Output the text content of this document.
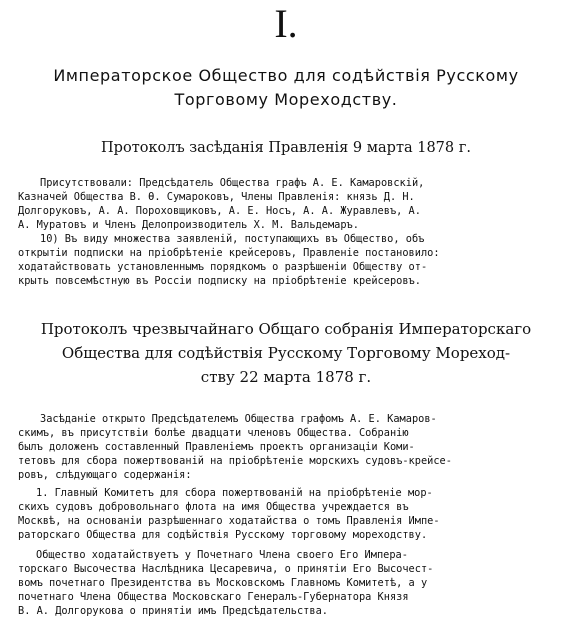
I.
Императорское Общество для содѣйствія Русскому Торговому Мореходству.
Протоколъ засѣданія Правленія 9 марта 1878 г.
Присутствовали: Предсѣдатель Общества графъ А. Е. Камаровскій,
Казначей Общества В. Ѳ. Сумароковъ, Члены Правленія: князь Д. Н.
Долгоруковъ, А. А. Пороховщиковъ, А. Е. Носъ, А. А. Журавлевъ, А.
А. Муратовъ и Членъ Делопроизводитель Х. М. Вальдемаръ.
10) Въ виду множества заявленій, поступающихъ въ Общество, объ
открытіи подписки на пріобрѣтеніе крейсеровъ, Правленіе постановило:
ходатайствовать установленнымъ порядкомъ о разрѣшеніи Обществу от-
крыть повсемѣстную въ Россіи подписку на пріобрѣтеніе крейсеровъ.
Протоколъ чрезвычайнаго Общаго собранія Императорскаго
Общества для содѣйствія Русскому Торговому Мореход-
ству 22 марта 1878 г.
Засѣданіе открыто Предсѣдателемъ Общества графомъ А. Е. Камаров-
скимъ, въ присутствіи болѣе двадцати членовъ Общества. Собранію
былъ доложенъ составленный Правленіемъ проектъ организаціи Коми-
тетовъ для сбора пожертвованій на пріобрѣтеніе морскихъ судовъ-крейсе-
ровъ, слѣдующаго содержанія:
1. Главный Комитетъ для сбора пожертвованій на пріобрѣтеніе мор-
скихъ судовъ добровольнаго флота на имя Общества учреждается въ
Москвѣ, на основаніи разрѣшеннаго ходатайства о томъ Правленія Импе-
раторскаго Общества для содѣйствія Русскому торговому мореходству.
Общество ходатайствуетъ у Почетнаго Члена своего Его Импера-
торскаго Высочества Наслѣдника Цесаревича, о принятіи Его Высочест-
вомъ почетнаго Президентства въ Московскомъ Главномъ Комитетѣ, а у
почетнаго Члена Общества Московскаго Генералъ-Губернатора Князя
В. А. Долгорукова о принятіи имъ Предсѣдательства.
